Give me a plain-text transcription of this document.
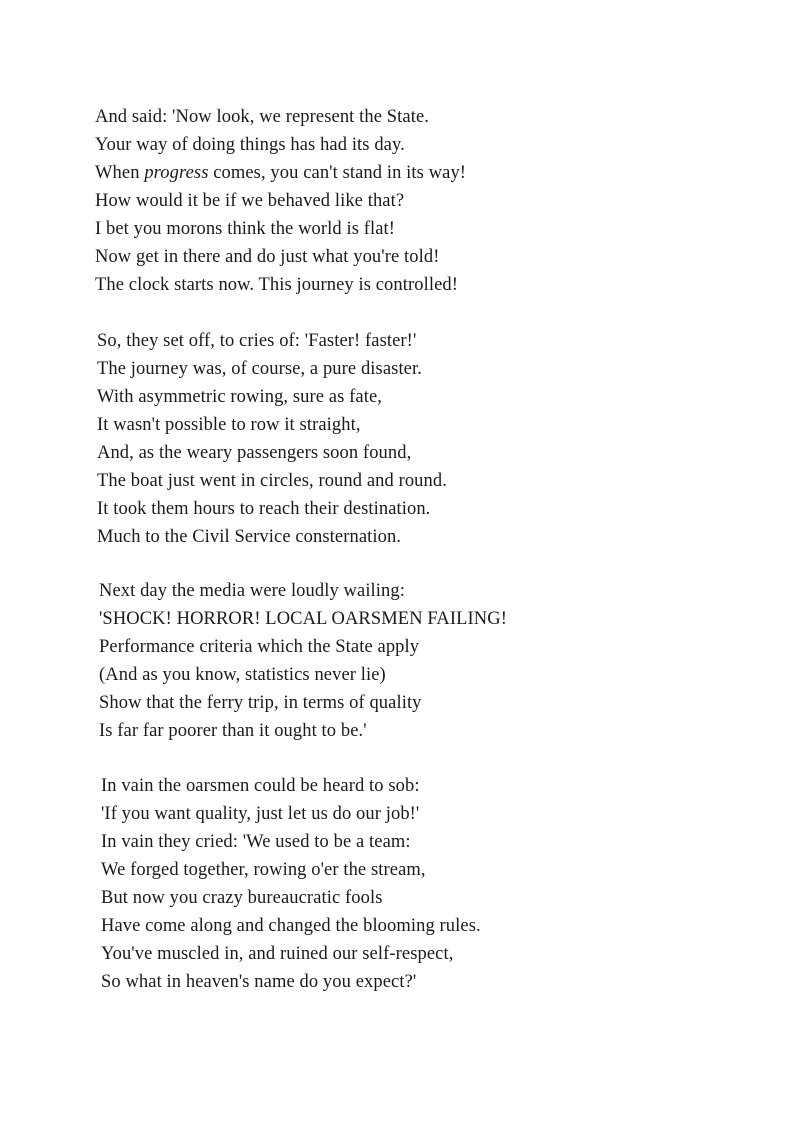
And said: 'Now look, we represent the State.
Your way of doing things has had its day.
When progress comes, you can't stand in its way!
How would it be if we behaved like that?
I bet you morons think the world is flat!
Now get in there and do just what you're told!
The clock starts now. This journey is controlled!
So, they set off, to cries of: 'Faster! faster!'
The journey was, of course, a pure disaster.
With asymmetric rowing, sure as fate,
It wasn't possible to row it straight,
And, as the weary passengers soon found,
The boat just went in circles, round and round.
It took them hours to reach their destination.
Much to the Civil Service consternation.
Next day the media were loudly wailing:
'SHOCK! HORROR! LOCAL OARSMEN FAILING!
Performance criteria which the State apply
(And as you know, statistics never lie)
Show that the ferry trip, in terms of quality
Is far far poorer than it ought to be.'
In vain the oarsmen could be heard to sob:
'If you want quality, just let us do our job!'
In vain they cried: 'We used to be a team:
We forged together, rowing o'er the stream,
But now you crazy bureaucratic fools
Have come along and changed the blooming rules.
You've muscled in, and ruined our self-respect,
So what in heaven's name do you expect?'
